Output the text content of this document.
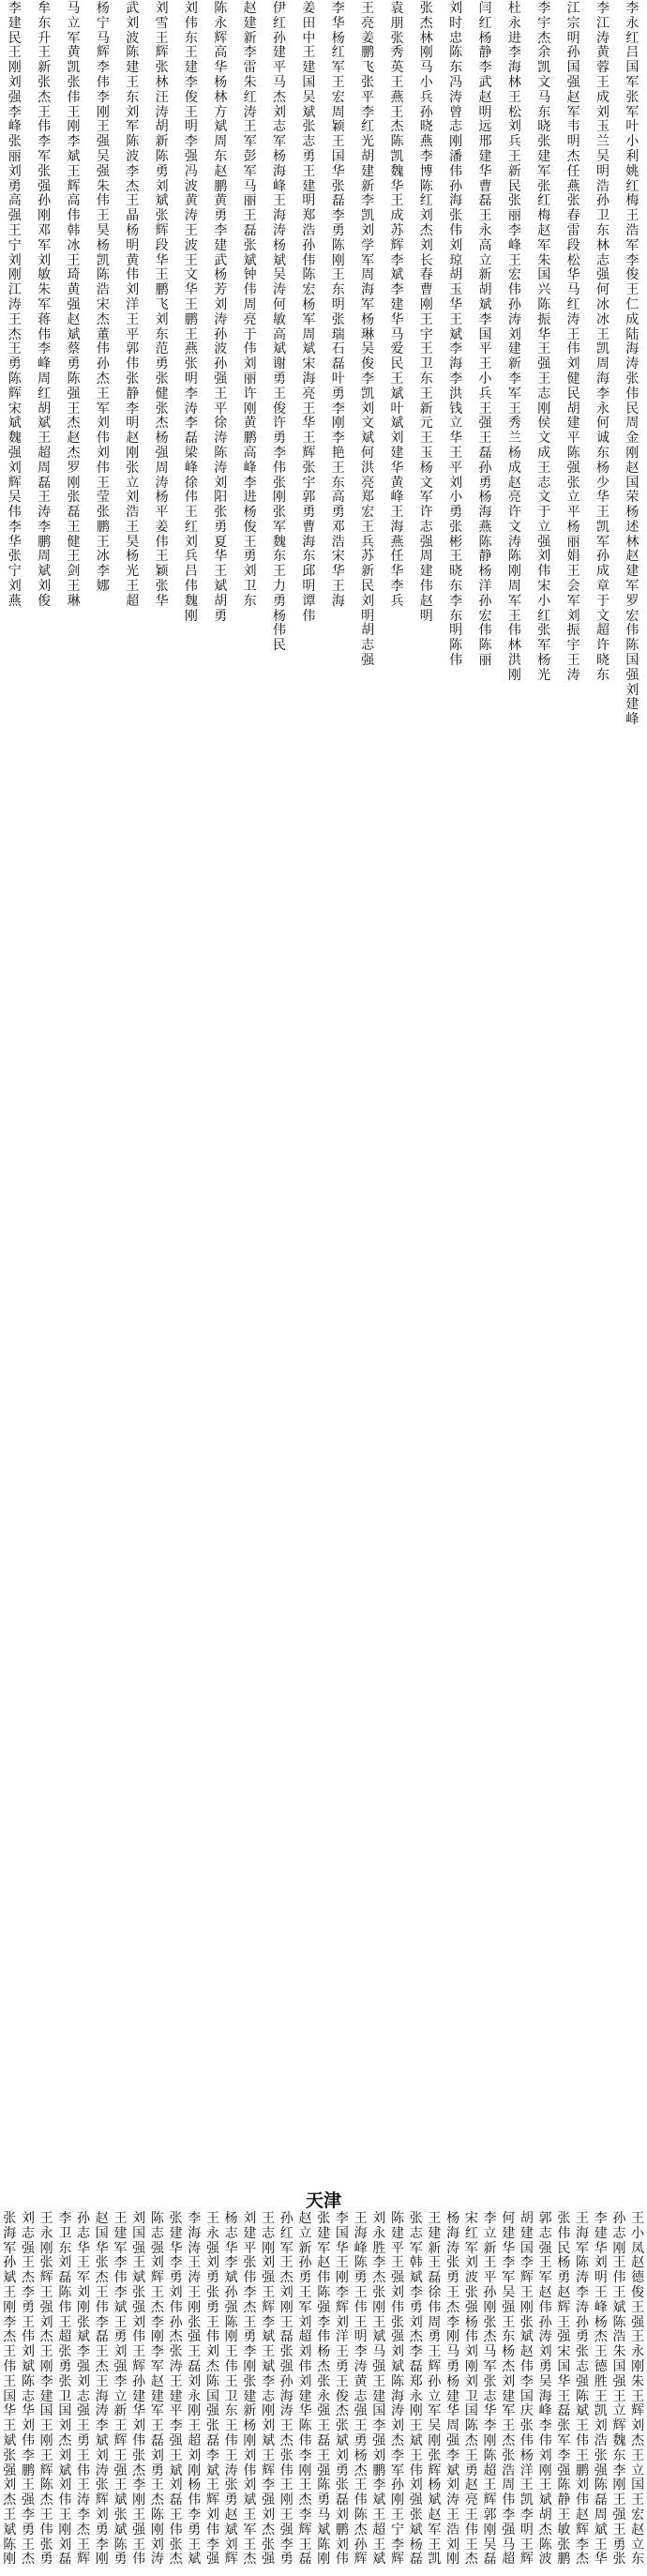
李
永
红
吕
国
军
张
军
叶
小
利
姚
红
梅
王
浩
军
李
俊
王
仁
成
陆
海
涛
张
伟
民
周
金
刚
赵
国
荣
杨
述
林
赵
建
军
罗
宏
伟
陈
国
强
刘
建
峰
李
江
涛
黄
蓉
王
成
刘
玉
兰
吴
明
浩
孙
卫
东
林
志
强
何
冰
冰
王
凯
周
海
李
永
何
诚
东
杨
少
华
王
凯
军
孙
成
章
于
文
超
许
晓
东
江
宗
明
孙
国
强
赵
军
韦
明
杰
任
燕
张
春
雷
段
松
华
马
红
涛
王
伟
刘
健
民
胡
建
平
陈
强
张
立
平
杨
丽
娟
王
会
军
刘
振
宇
王
涛
李
宇
杰
余
凯
文
马
东
晓
张
建
军
张
红
梅
赵
军
朱
国
兴
陈
振
华
王
强
王
志
刚
侯
文
成
王
志
文
于
立
强
刘
伟
宋
小
红
张
军
杨
光
杜
永
进
李
海
林
王
松
刘
兵
王
新
民
张
丽
李
峰
王
宏
伟
孙
涛
刘
建
新
李
军
王
秀
兰
杨
成
赵
亮
许
文
涛
陈
刚
周
军
王
伟
林
洪
刚
闫
红
杨
静
李
武
赵
明
远
邢
建
华
曹
磊
王
永
高
立
新
胡
斌
李
国
平
王
小
兵
王
强
王
磊
孙
勇
杨
海
燕
陈
静
杨
洋
孙
宏
伟
陈
丽
刘
时
忠
陈
东
冯
涛
曾
志
刚
潘
伟
孙
海
张
伟
刘
琼
胡
玉
华
王
斌
李
海
李
洪
钱
立
华
王
平
刘
小
勇
张
彬
王
晓
东
李
东
明
陈
伟
张
杰
林
刚
马
小
兵
孙
晓
燕
李
博
陈
红
刘
杰
刘
长
春
曹
刚
王
宇
王
卫
东
王
新
元
王
玉
杨
文
军
许
志
强
周
建
伟
赵
明
袁
朋
张
秀
英
王
燕
王
杰
陈
凯
魏
华
王
成
苏
辉
李
斌
李
建
华
马
爱
民
王
斌
叶
斌
刘
建
华
黄
峰
王
海
燕
任
华
李
兵
王
亮
姜
鹏
飞
张
平
李
红
光
胡
建
新
李
凯
刘
学
军
周
海
军
杨
琳
吴
俊
李
凯
刘
文
斌
何
洪
亮
郑
宏
王
兵
苏
新
民
刘
明
胡
志
强
李
华
杨
红
军
王
宏
周
颖
王
国
华
张
磊
李
勇
陈
刚
王
东
明
张
瑞
石
磊
叶
勇
李
刚
李
艳
王
东
高
勇
邓
浩
宋
华
王
海
姜
田
中
王
建
国
吴
斌
张
志
勇
王
建
明
郑
浩
孙
伟
陈
宏
杨
军
周
斌
宋
海
亮
王
华
王
辉
张
宇
郭
勇
曹
海
东
邱
明
谭
伟
伊
红
孙
建
平
马
杰
刘
志
军
杨
海
峰
王
海
涛
杨
斌
吴
涛
何
敏
高
斌
谢
勇
王
俊
许
勇
李
伟
张
刚
张
军
魏
东
王
力
勇
杨
伟
民
赵
建
新
李
雷
朱
红
涛
王
军
彭
军
马
丽
王
磊
张
斌
钟
伟
周
亮
于
伟
刘
丽
许
刚
黄
鹏
高
峰
李
进
杨
俊
王
勇
刘
卫
东
陈
永
辉
高
华
杨
林
方
斌
周
东
赵
鹏
黄
勇
李
建
武
杨
芳
刘
涛
孙
波
孙
强
王
平
徐
涛
陈
涛
刘
阳
张
勇
夏
华
王
斌
胡
勇
刘
伟
东
王
建
李
俊
王
明
李
强
冯
波
黄
涛
王
波
王
文
华
王
鹏
王
燕
张
明
李
涛
李
磊
梁
峰
徐
伟
王
红
刘
兵
吕
伟
魏
刚
刘
雪
王
辉
张
林
汪
涛
胡
新
陈
勇
刘
斌
张
辉
段
华
王
鹏
飞
刘
东
范
勇
张
健
张
杰
杨
强
周
涛
杨
平
姜
伟
王
颖
张
华
武
刘
波
陈
建
王
东
刘
军
陈
波
李
杰
王
晶
杨
明
黄
伟
刘
洋
王
平
郭
伟
张
静
李
明
赵
刚
张
立
刘
浩
王
昊
杨
光
王
超
杨
宁
马
辉
李
伟
李
刚
王
强
吴
强
朱
伟
王
昊
杨
凯
陈
浩
宋
杰
董
伟
孙
杰
王
军
刘
伟
刘
伟
王
莹
张
鹏
王
冰
李
娜
马
立
军
黄
凯
张
伟
王
刚
李
斌
王
辉
高
伟
韩
冰
王
琦
黄
强
赵
斌
蔡
勇
陈
强
王
杰
赵
杰
罗
刚
张
磊
王
健
王
剑
王
琳
牟
东
升
王
新
张
杰
王
伟
李
军
张
强
孙
刚
邓
军
刘
敏
朱
军
蒋
伟
李
峰
周
红
胡
斌
王
超
周
磊
王
涛
李
鹏
周
斌
刘
俊
李
建
民
王
刚
刘
强
李
峰
张
丽
刘
勇
高
强
王
宁
刘
刚
江
涛
王
杰
王
勇
陈
辉
宋
斌
魏
强
刘
辉
吴
伟
李
华
张
宁
刘
燕
天津
王
小
凤
赵
德
俊
王
强
王
永
刚
朱
王
辉
刘
杰
王
立
国
王
宏
赵
立
东
孙
志
刚
王
伟
王
斌
陈
浩
朱
国
强
王
立
辉
魏
东
李
刚
王
强
王
勇
张
李
建
华
刘
明
王
峰
杨
杰
王
德
胜
王
凯
刘
浩
张
强
陈
磊
周
斌
王
华
王
海
军
陈
涛
李
涛
孙
勇
张
志
强
陈
斌
王
伟
王
鹏
刘
伟
赵
辉
李
杰
张
伟
民
杨
勇
赵
辉
王
强
宋
国
华
王
磊
张
军
李
强
陈
静
王
敏
张
鹏
郭
志
强
王
军
赵
伟
孙
涛
刘
勇
吴
海
峰
李
伟
刘
刚
王
斌
胡
杰
陈
波
胡
建
国
李
辉
王
刚
张
斌
赵
伟
李
国
庆
张
伟
杨
洋
王
凯
李
明
王
辉
何
建
华
李
军
吴
强
王
东
杨
杰
刘
建
军
王
杰
张
浩
周
伟
李
强
马
超
李
立
新
王
平
孙
刚
张
杰
马
军
张
志
华
李
刚
陈
超
王
辉
郭
刚
吴
磊
宋
红
军
刘
波
张
强
杨
伟
刘
刚
刘
卫
国
陈
杰
王
勇
赵
亮
王
伟
王
杰
杨
海
涛
张
勇
王
杰
李
刚
马
勇
杨
建
华
周
强
李
斌
刘
涛
王
浩
刘
刚
王
建
新
王
磊
徐
伟
周
勇
王
辉
孙
立
军
吴
刚
张
辉
杨
斌
赵
军
王
凯
张
志
军
韩
斌
李
勇
刘
杰
李
磊
郑
永
刚
王
斌
王
伟
刘
强
张
斌
杨
磊
陈
建
平
王
强
刘
伟
张
强
刘
斌
陈
海
涛
刘
杰
李
军
孙
刚
王
宁
李
辉
刘
永
胜
李
杰
张
刚
王
斌
马
强
王
建
国
李
强
刘
鹏
李
斌
王
超
王
斌
王
海
峰
陈
勇
王
伟
王
明
李
涛
黄
志
强
王
勇
杨
杰
王
伟
陈
杰
孙
辉
李
国
华
王
刚
李
辉
刘
洋
王
勇
王
俊
杰
张
斌
刘
勇
张
磊
刘
鹏
刘
伟
张
建
军
赵
伟
陈
强
李
伟
杨
杰
张
永
强
王
磊
王
强
陈
勇
马
斌
陈
刚
赵
立
新
孙
勇
王
军
刘
超
刘
伟
刘
建
华
陈
伟
李
刚
王
杰
李
辉
王
磊
孙
红
军
王
杰
刘
刚
王
磊
张
强
孙
海
涛
王
杰
张
伟
王
刚
王
强
李
勇
王
志
刚
刘
强
王
辉
李
斌
王
斌
李
志
刚
刘
斌
王
辉
李
强
刘
杰
张
强
刘
建
平
张
伟
李
杰
王
勇
李
刚
张
建
新
杨
刚
刘
伟
刘
斌
王
军
王
杰
杨
志
华
李
斌
孙
强
陈
刚
王
伟
王
卫
东
王
伟
王
涛
张
勇
赵
斌
刘
辉
王
永
强
刘
勇
张
勇
王
伟
刘
杰
陈
国
强
张
磊
李
斌
王
辉
刘
伟
李
强
李
海
涛
王
涛
王
刚
张
强
王
磊
刘
永
刚
王
超
刘
刚
杨
伟
李
勇
王
斌
张
建
华
李
勇
刘
伟
孙
杰
张
涛
王
建
平
李
强
王
斌
刘
磊
王
伟
张
杰
陈
志
强
刘
辉
王
杰
李
刚
李
军
赵
建
军
王
磊
刘
勇
王
杰
陈
刚
刘
涛
刘
国
强
王
斌
张
强
刘
伟
王
辉
孙
建
华
刘
伟
张
杰
李
刚
王
强
王
伟
王
建
军
李
伟
李
斌
王
勇
刘
强
李
立
新
王
辉
王
强
王
斌
张
斌
陈
勇
赵
国
华
张
杰
王
伟
李
磊
王
杰
王
海
涛
李
斌
刘
涛
张
辉
刘
勇
李
刚
孙
志
华
王
军
刘
刚
张
斌
李
强
刘
志
强
王
勇
王
伟
王
涛
李
杰
王
辉
李
卫
东
刘
磊
陈
伟
王
超
张
勇
张
卫
国
刘
杰
刘
斌
刘
伟
王
刚
刘
磊
王
永
刚
张
辉
王
强
刘
杰
王
刚
李
建
国
王
刚
王
辉
陈
杰
王
伟
张
勇
刘
志
强
王
杰
李
勇
王
伟
刘
斌
陈
志
华
刘
伟
李
鹏
王
强
李
勇
王
杰
张
海
军
孙
斌
王
刚
李
杰
王
伟
王
国
华
王
斌
张
强
刘
杰
王
斌
陈
刚
